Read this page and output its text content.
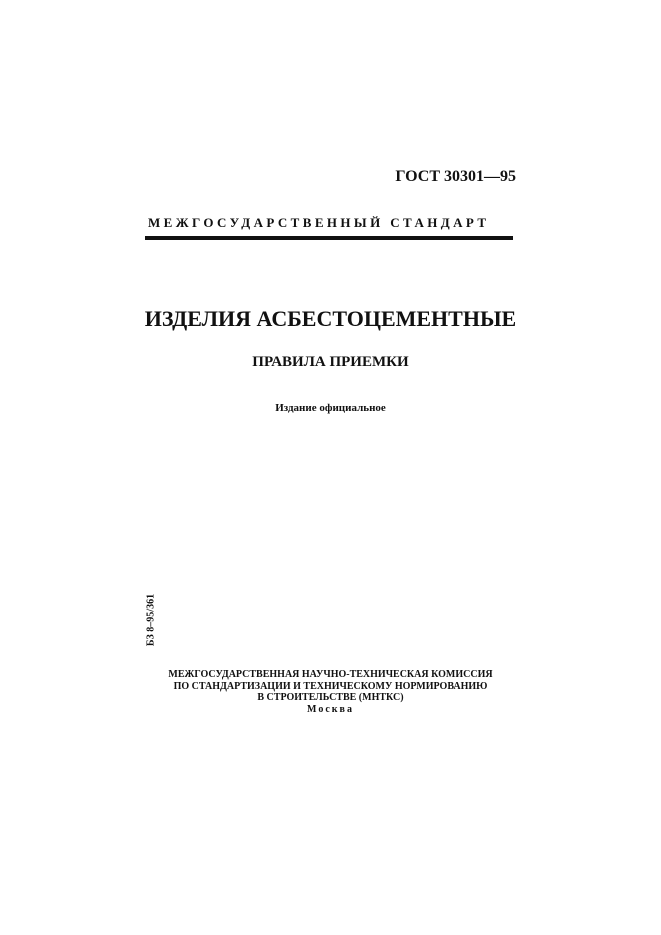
ГОСТ 30301—95
МЕЖГОСУДАРСТВЕННЫЙ СТАНДАРТ
ИЗДЕЛИЯ АСБЕСТОЦЕМЕНТНЫЕ
ПРАВИЛА ПРИЕМКИ
Издание официальное
БЗ 8–95/361
МЕЖГОСУДАРСТВЕННАЯ НАУЧНО-ТЕХНИЧЕСКАЯ КОМИССИЯ
ПО СТАНДАРТИЗАЦИИ И ТЕХНИЧЕСКОМУ НОРМИРОВАНИЮ
В СТРОИТЕЛЬСТВЕ (МНТКС)
Москва
